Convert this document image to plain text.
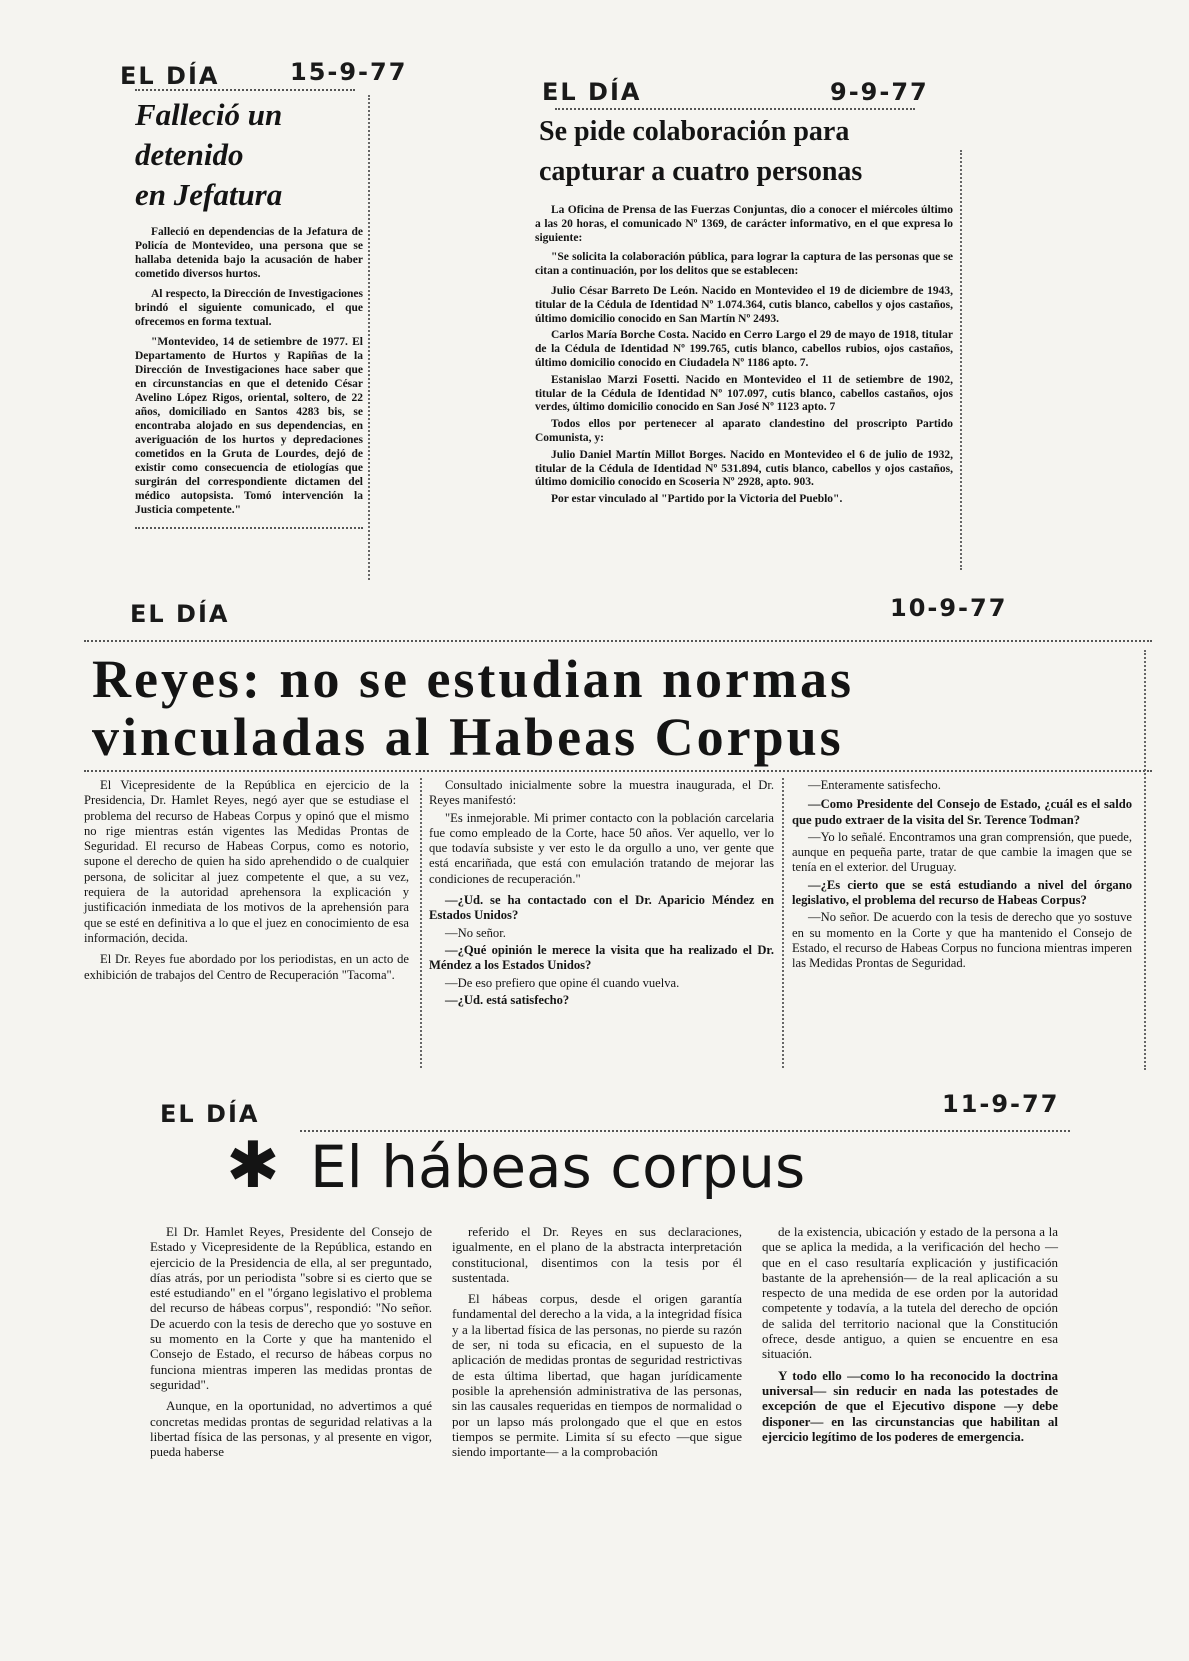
EL DÍA	15-9-77

Falleció un

detenido

en Jefatura

Falleció en dependencias de la Jefatura de Policía de Montevideo, una persona que se hallaba detenida bajo la acusación de haber cometido diversos hurtos.

Al respecto, la Dirección de Investigaciones brindó el siguiente comunicado, el que ofrecemos en forma textual.

"Montevideo, 14 de setiembre de 1977. El Departamento de Hurtos y Rapiñas de la Dirección de Investigaciones hace saber que en circunstancias en que el detenido César Avelino López Rigos, oriental, soltero, de 22 años, domiciliado en Santos 4283 bis, se encontraba alojado en sus dependencias, en averiguación de los hurtos y depredaciones cometidos en la Gruta de Lourdes, dejó de existir como consecuencia de etiologías que surgirán del correspondiente dictamen del médico autopsista. Tomó intervención la Justicia competente."

EL DÍA	9-9-77

Se pide colaboración para

capturar a cuatro personas

La Oficina de Prensa de las Fuerzas Conjuntas, dio a conocer el miércoles último a las 20 horas, el comunicado Nº 1369, de carácter informativo, en el que expresa lo siguiente:

"Se solicita la colaboración pública, para lograr la captura de las personas que se citan a continuación, por los delitos que se establecen:

Julio César Barreto De León. Nacido en Montevideo el 19 de diciembre de 1943, titular de la Cédula de Identidad Nº 1.074.364, cutis blanco, cabellos y ojos castaños, último domicilio conocido en San Martín Nº 2493.

Carlos María Borche Costa. Nacido en Cerro Largo el 29 de mayo de 1918, titular de la Cédula de Identidad Nº 199.765, cutis blanco, cabellos rubios, ojos castaños, último domicilio conocido en Ciudadela Nº 1186 apto. 7.

Estanislao Marzi Fosetti. Nacido en Montevideo el 11 de setiembre de 1902, titular de la Cédula de Identidad Nº 107.097, cutis blanco, cabellos castaños, ojos verdes, último domicilio conocido en San José Nº 1123 apto. 7

Todos ellos por pertenecer al aparato clandestino del proscripto Partido Comunista, y:

Julio Daniel Martín Millot Borges. Nacido en Montevideo el 6 de julio de 1932, titular de la Cédula de Identidad Nº 531.894, cutis blanco, cabellos y ojos castaños, último domicilio conocido en Scoseria Nº 2928, apto. 903.

Por estar vinculado al "Partido por la Victoria del Pueblo".

EL DÍA	10-9-77

Reyes: no se estudian normas

vinculadas al Habeas Corpus

El Vicepresidente de la República en ejercicio de la Presidencia, Dr. Hamlet Reyes, negó ayer que se estudiase el problema del recurso de Habeas Corpus y opinó que el mismo no rige mientras están vigentes las Medidas Prontas de Seguridad. El recurso de Habeas Corpus, como es notorio, supone el derecho de quien ha sido aprehendido o de cualquier persona, de solicitar al juez competente el que, a su vez, requiera de la autoridad aprehensora la explicación y justificación inmediata de los motivos de la aprehensión para que se esté en definitiva a lo que el juez en conocimiento de esa información, decida.

El Dr. Reyes fue abordado por los periodistas, en un acto de exhibición de trabajos del Centro de Recuperación "Tacoma".

Consultado inicialmente sobre la muestra inaugurada, el Dr. Reyes manifestó:

"Es inmejorable. Mi primer contacto con la población carcelaria fue como empleado de la Corte, hace 50 años. Ver aquello, ver lo que todavía subsiste y ver esto le da orgullo a uno, ver gente que está encariñada, que está con emulación tratando de mejorar las condiciones de recuperación."

—¿Ud. se ha contactado con el Dr. Aparicio Méndez en Estados Unidos?

—No señor.

—¿Qué opinión le merece la visita que ha realizado el Dr. Méndez a los Estados Unidos?

—De eso prefiero que opine él cuando vuelva.

—¿Ud. está satisfecho?

—Enteramente satisfecho.

—Como Presidente del Consejo de Estado, ¿cuál es el saldo que pudo extraer de la visita del Sr. Terence Todman?

—Yo lo señalé. Encontramos una gran comprensión, que puede, aunque en pequeña parte, tratar de que cambie la imagen que se tenía en el exterior. del Uruguay.

—¿Es cierto que se está estudiando a nivel del órgano legislativo, el problema del recurso de Habeas Corpus?

—No señor. De acuerdo con la tesis de derecho que yo sostuve en su momento en la Corte y que ha mantenido el Consejo de Estado, el recurso de Habeas Corpus no funciona mientras imperen las Medidas Prontas de Seguridad.

EL DÍA	11-9-77
✱ El hábeas corpus

El Dr. Hamlet Reyes, Presidente del Consejo de Estado y Vicepresidente de la República, estando en ejercicio de la Presidencia de ella, al ser preguntado, días atrás, por un periodista "sobre si es cierto que se esté estudiando" en el "órgano legislativo el problema del recurso de hábeas corpus", respondió: "No señor. De acuerdo con la tesis de derecho que yo sostuve en su momento en la Corte y que ha mantenido el Consejo de Estado, el recurso de hábeas corpus no funciona mientras imperen las medidas prontas de seguridad".

Aunque, en la oportunidad, no advertimos a qué concretas medidas prontas de seguridad relativas a la libertad física de las personas, y al presente en vigor, pueda haberse

referido el Dr. Reyes en sus declaraciones, igualmente, en el plano de la abstracta interpretación constitucional, disentimos con la tesis por él sustentada.

El hábeas corpus, desde el origen garantía fundamental del derecho a la vida, a la integridad física y a la libertad física de las personas, no pierde su razón de ser, ni toda su eficacia, en el supuesto de la aplicación de medidas prontas de seguridad restrictivas de esta última libertad, que hagan jurídicamente posible la aprehensión administrativa de las personas, sin las causales requeridas en tiempos de normalidad o por un lapso más prolongado que el que en estos tiempos se permite. Limita sí su efecto —que sigue siendo importante— a la comprobación

de la existencia, ubicación y estado de la persona a la que se aplica la medida, a la verificación del hecho —que en el caso resultaría explicación y justificación bastante de la aprehensión— de la real aplicación a su respecto de una medida de ese orden por la autoridad competente y todavía, a la tutela del derecho de opción de salida del territorio nacional que la Constitución ofrece, desde antiguo, a quien se encuentre en esa situación.

Y todo ello —como lo ha reconocido la doctrina universal— sin reducir en nada las potestades de excepción de que el Ejecutivo dispone —y debe disponer— en las circunstancias que habilitan al ejercicio legítimo de los poderes de emergencia.
